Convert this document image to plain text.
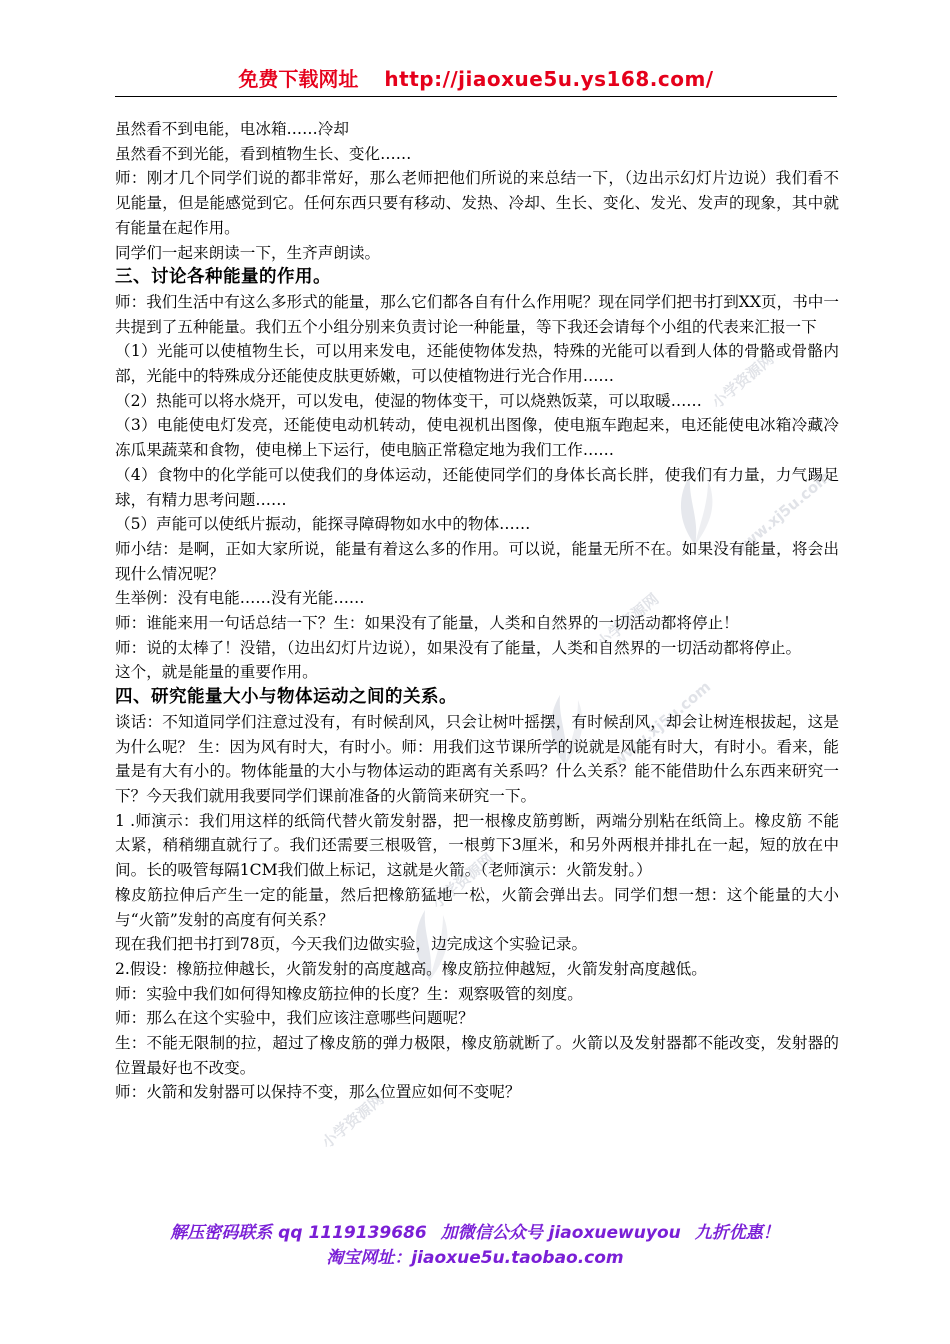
免费下载网址 http://jiaoxue5u.ys168.com/
小学资源网
www.xj5u.com
小学资源网
www.xj5u.com
小学资源网
小学资源网

虽然看不到电能，电冰箱……冷却

虽然看不到光能，看到植物生长、变化……

师：刚才几个同学们说的都非常好，那么老师把他们所说的来总结一下，（边出示幻灯片边说）我们看不见能量，但是能感觉到它。任何东西只要有移动、发热、冷却、生长、变化、发光、发声的现象，其中就有能量在起作用。

同学们一起来朗读一下，生齐声朗读。

三、讨论各种能量的作用。

师：我们生活中有这么多形式的能量，那么它们都各自有什么作用呢？现在同学们把书打到XX页，书中一共提到了五种能量。我们五个小组分别来负责讨论一种能量，等下我还会请每个小组的代表来汇报一下

（1）光能可以使植物生长，可以用来发电，还能使物体发热，特殊的光能可以看到人体的骨骼或骨骼内部，光能中的特殊成分还能使皮肤更娇嫩，可以使植物进行光合作用……

（2）热能可以将水烧开，可以发电，使湿的物体变干，可以烧熟饭菜，可以取暖……

（3）电能使电灯发亮，还能使电动机转动，使电视机出图像，使电瓶车跑起来，电还能使电冰箱冷藏冷冻瓜果蔬菜和食物，使电梯上下运行，使电脑正常稳定地为我们工作……

（4）食物中的化学能可以使我们的身体运动，还能使同学们的身体长高长胖，使我们有力量，力气踢足球，有精力思考问题……

（5）声能可以使纸片振动，能探寻障碍物如水中的物体……

师小结：是啊，正如大家所说，能量有着这么多的作用。可以说，能量无所不在。如果没有能量，将会出现什么情况呢？

生举例：没有电能……没有光能……

师：谁能来用一句话总结一下？生：如果没有了能量，人类和自然界的一切活动都将停止！

师：说的太棒了！没错，（边出幻灯片边说），如果没有了能量，人类和自然界的一切活动都将停止。

这个，就是能量的重要作用。

四、研究能量大小与物体运动之间的关系。

谈话：不知道同学们注意过没有，有时候刮风，只会让树叶摇摆，有时候刮风，却会让树连根拔起，这是为什么呢？ 生：因为风有时大，有时小。师：用我们这节课所学的说就是风能有时大，有时小。看来，能量是有大有小的。物体能量的大小与物体运动的距离有关系吗？什么关系？能不能借助什么东西来研究一下？今天我们就用我要同学们课前准备的火箭筒来研究一下。

1 .师演示：我们用这样的纸筒代替火箭发射器，把一根橡皮筋剪断，两端分别粘在纸筒上。橡皮筋 不能太紧，稍稍绷直就行了。我们还需要三根吸管，一根剪下3厘米，和另外两根并排扎在一起，短的放在中间。长的吸管每隔1CM我们做上标记，这就是火箭。（老师演示：火箭发射。）

橡皮筋拉伸后产生一定的能量，然后把橡筋猛地一松，火箭会弹出去。同学们想一想：这个能量的大小与“火箭”发射的高度有何关系？

现在我们把书打到78页，今天我们边做实验，边完成这个实验记录。

2.假设：橡筋拉伸越长，火箭发射的高度越高。橡皮筋拉伸越短，火箭发射高度越低。

师：实验中我们如何得知橡皮筋拉伸的长度？生：观察吸管的刻度。

师：那么在这个实验中，我们应该注意哪些问题呢？

生：不能无限制的拉，超过了橡皮筋的弹力极限，橡皮筋就断了。火箭以及发射器都不能改变，发射器的位置最好也不改变。

师：火箭和发射器可以保持不变，那么位置应如何不变呢？

解压密码联系 qq 1119139686 加微信公众号 jiaoxuewuyou 九折优惠！
淘宝网址：jiaoxue5u.taobao.com
